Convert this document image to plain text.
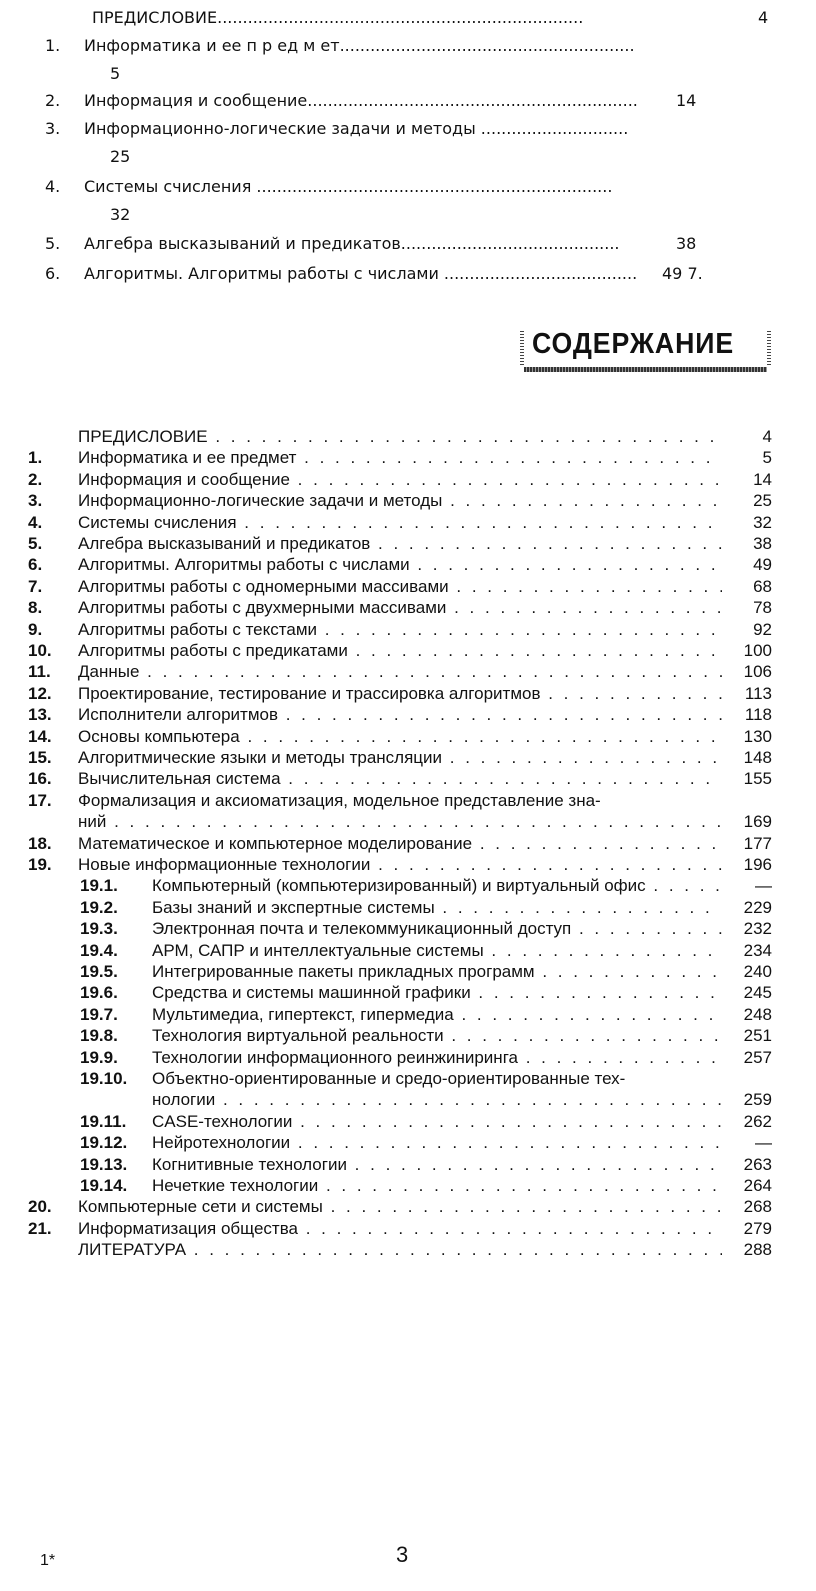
ПРЕДИСЛОВИЕ........................................................................	4
1. Информатика и ее п р ед м ет..........................................................
5
2. Информация и сообщение................................................................. 14
3. Информационно-логические задачи и методы .............................
25
4. Системы счисления ......................................................................
32
5. Алгебра высказываний и предикатов...........................................	38
6. Алгоритмы. Алгоритмы работы с числами ...................................... 49 7.
СОДЕРЖАНИЕ
ПРЕДИСЛОВИЕ . . .	4
1. Информатика и ее предмет . . .	5
2. Информация и сообщение . . .	14
3. Информационно-логические задачи и методы . . .	25
4. Системы счисления . . .	32
5. Алгебра высказываний и предикатов . . .	38
6. Алгоритмы. Алгоритмы работы с числами . . .	49
7. Алгоритмы работы с одномерными массивами . . .	68
8. Алгоритмы работы с двухмерными массивами . . .	78
9. Алгоритмы работы с текстами . . .	92
10. Алгоритмы работы с предикатами . . .	100
11. Данные . . .	106
12. Проектирование, тестирование и трассировка алгоритмов . . .	113
13. Исполнители алгоритмов . . .	118
14. Основы компьютера . . .	130
15. Алгоритмические языки и методы трансляции . . .	148
16. Вычислительная система . . .	155
17. Формализация и аксиоматизация, модельное представление зна-
ний . . .	169
18. Математическое и компьютерное моделирование . . .	177
19. Новые информационные технологии . . .	196
19.1. Компьютерный (компьютеризированный) и виртуальный офис . . .	—
19.2. Базы знаний и экспертные системы . . .	229
19.3. Электронная почта и телекоммуникационный доступ . . .	232
19.4. АРМ, САПР и интеллектуальные системы . . .	234
19.5. Интегрированные пакеты прикладных программ . . .	240
19.6. Средства и системы машинной графики . . .	245
19.7. Мультимедиа, гипертекст, гипермедиа . . .	248
19.8. Технология виртуальной реальности . . .	251
19.9. Технологии информационного реинжиниринга . . .	257
19.10. Объектно-ориентированные и средо-ориентированные тех-
нологии . . .	259
19.11. CASE-технологии . . .	262
19.12. Нейротехнологии . . .	—
19.13. Когнитивные технологии . . .	263
19.14. Нечеткие технологии . . .	264
20. Компьютерные сети и системы . . .	268
21. Информатизация общества . . .	279
ЛИТЕРАТУРА . . .	288
1*	3
